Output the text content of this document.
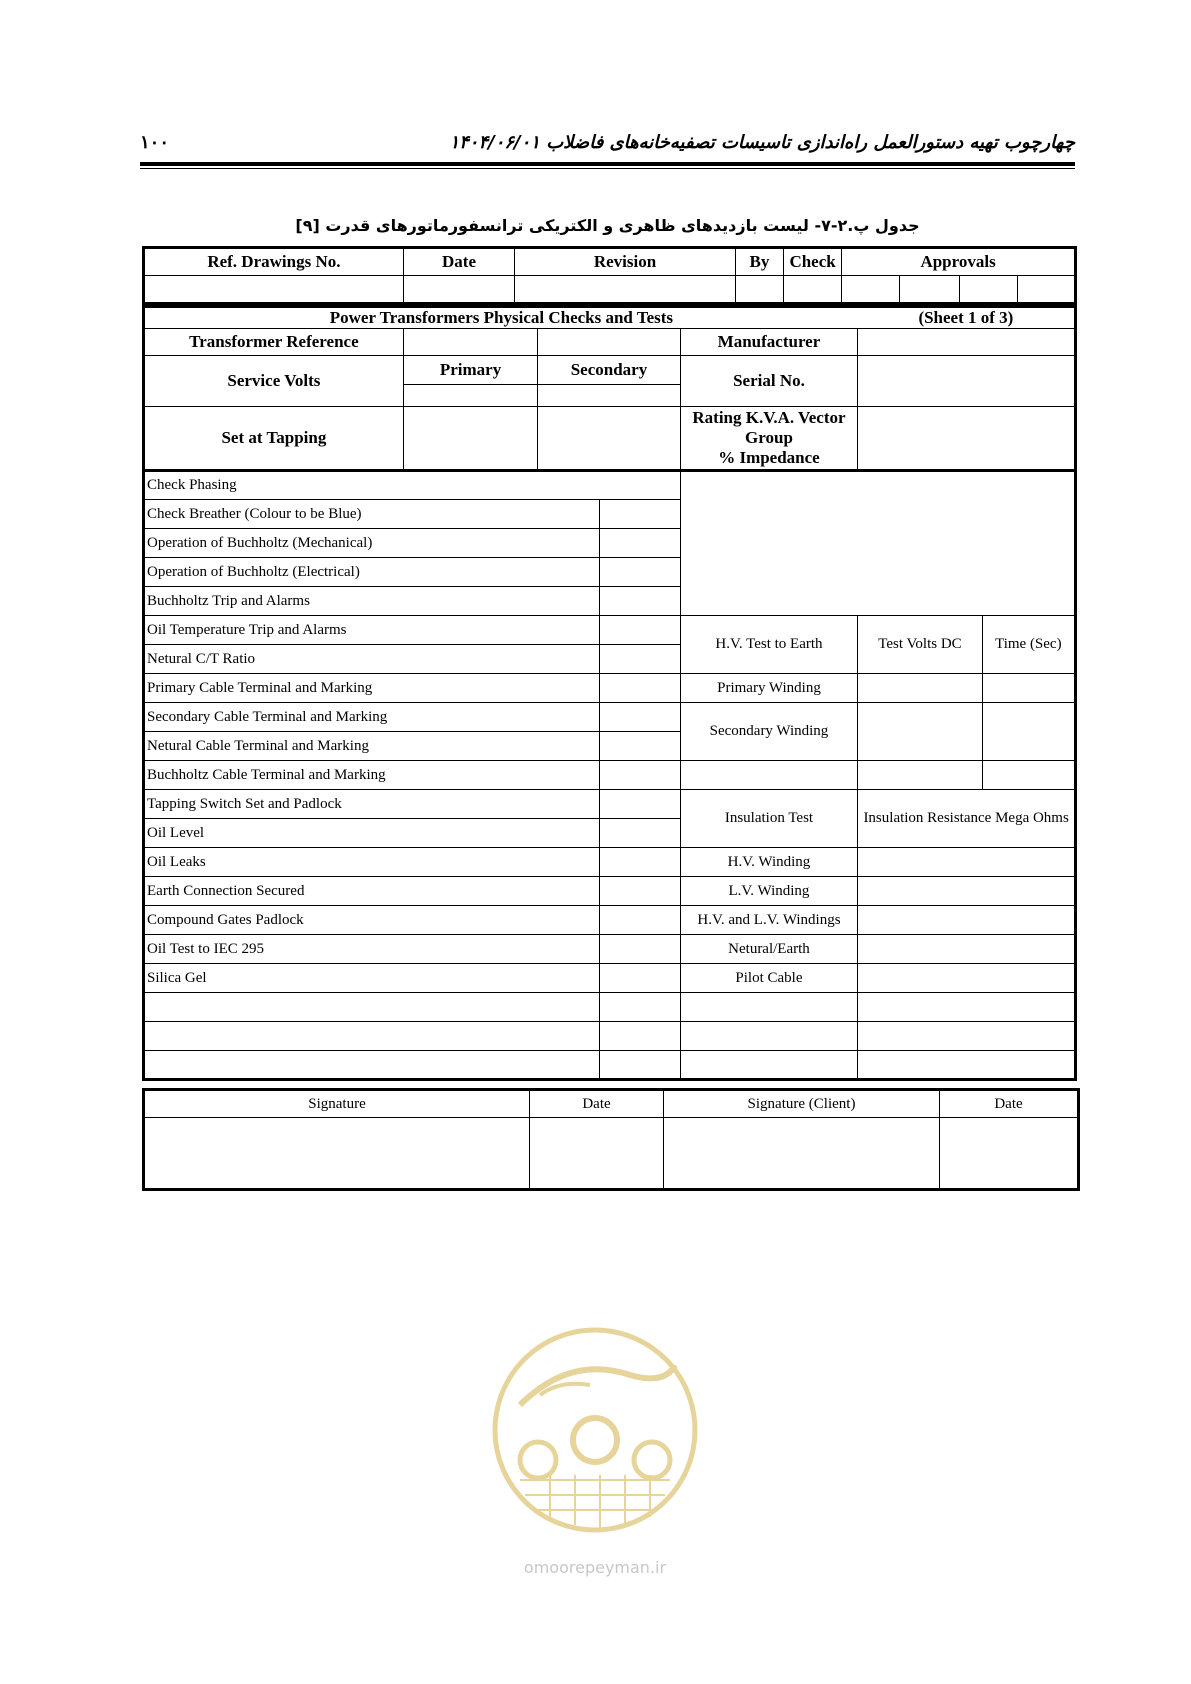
۱۰۰	چهارچوب تهیه دستورالعمل راه‌اندازی تاسیسات تصفیه‌خانه‌های فاضلاب ۱۴۰۴/۰۶/۰۱
جدول پ.۲-۷- لیست بازدیدهای ظاهری و الکتریکی ترانسفورماتورهای قدرت [۹]
Ref. Drawings No.	Date	Revision	By	Check	Approvals			

Power Transformers Physical Checks and Tests					(Sheet 1 of 3)	
Transformer Reference				Manufacturer		
Service Volts	Primary	Secondary		Serial No.		

Set at Tapping				Rating K.V.A. Vector
Group
% Impedance		
Check Phasing						
Check Breather (Colour to be Blue)						
Operation of Buchholtz (Mechanical)						
Operation of Buchholtz (Electrical)						
Buchholtz Trip and Alarms						
Oil Temperature Trip and Alarms				H.V. Test to Earth	Test Volts DC	Time (Sec)
Netural C/T Ratio						
Primary Cable Terminal and Marking				Primary Winding		
Secondary Cable Terminal and Marking				Secondary Winding		
Netural Cable Terminal and Marking						
Buchholtz Cable Terminal and Marking						
Tapping Switch Set and Padlock				Insulation Test	Insulation Resistance Mega Ohms	
Oil Level						
Oil Leaks				H.V. Winding		
Earth Connection Secured				L.V. Winding		
Compound Gates Padlock				H.V. and L.V. Windings		
Oil Test to IEC 295				Netural/Earth		
Silica Gel				Pilot Cable		

Signature	Date	Signature (Client)	Date

omoorepeyman.ir
